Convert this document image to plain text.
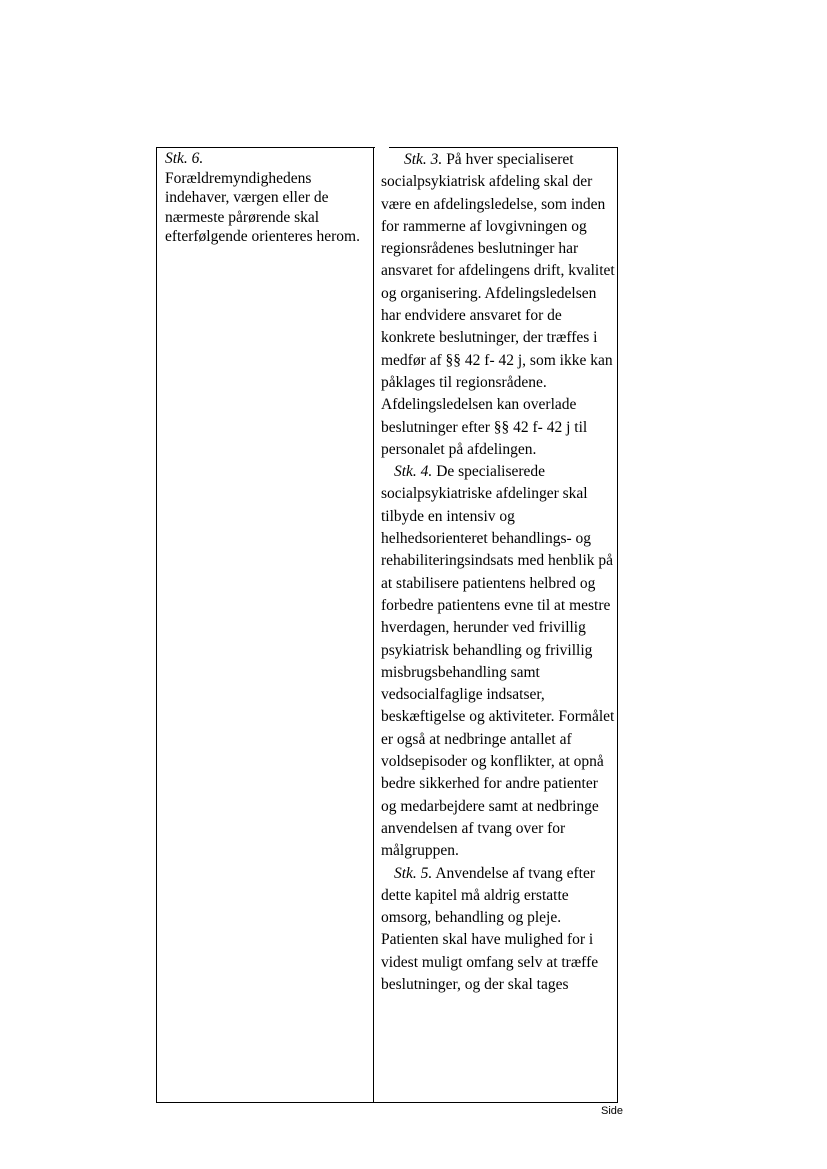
Stk. 6.
Forældremyndighedens indehaver, værgen eller de nærmeste pårørende skal efterfølgende orienteres herom.

Stk. 3. På hver specialiseret socialpsykiatrisk afdeling skal der være en afdelingsledelse, som inden for rammerne af lovgivningen og regionsrådenes beslutninger har ansvaret for afdelingens drift, kvalitet og organisering. Afdelingsledelsen har endvidere ansvaret for de konkrete beslutninger, der træffes i medfør af §§ 42 f- 42 j, som ikke kan påklages til regionsrådene. Afdelingsledelsen kan overlade beslutninger efter §§ 42 f- 42 j til personalet på afdelingen.

Stk. 4. De specialiserede socialpsykiatriske afdelinger skal tilbyde en intensiv og helhedsorienteret behandlings- og rehabiliteringsindsats med henblik på at stabilisere patientens helbred og forbedre patientens evne til at mestre hverdagen, herunder ved frivillig psykiatrisk behandling og frivillig misbrugsbehandling samt vedsocialfaglige indsatser, beskæftigelse og aktiviteter. Formålet er også at nedbringe antallet af voldsepisoder og konflikter, at opnå bedre sikkerhed for andre patienter og medarbejdere samt at nedbringe anvendelsen af tvang over for målgruppen.

Stk. 5. Anvendelse af tvang efter dette kapitel må aldrig erstatte omsorg, behandling og pleje. Patienten skal have mulighed for i videst muligt omfang selv at træffe beslutninger, og der skal tages

Side
